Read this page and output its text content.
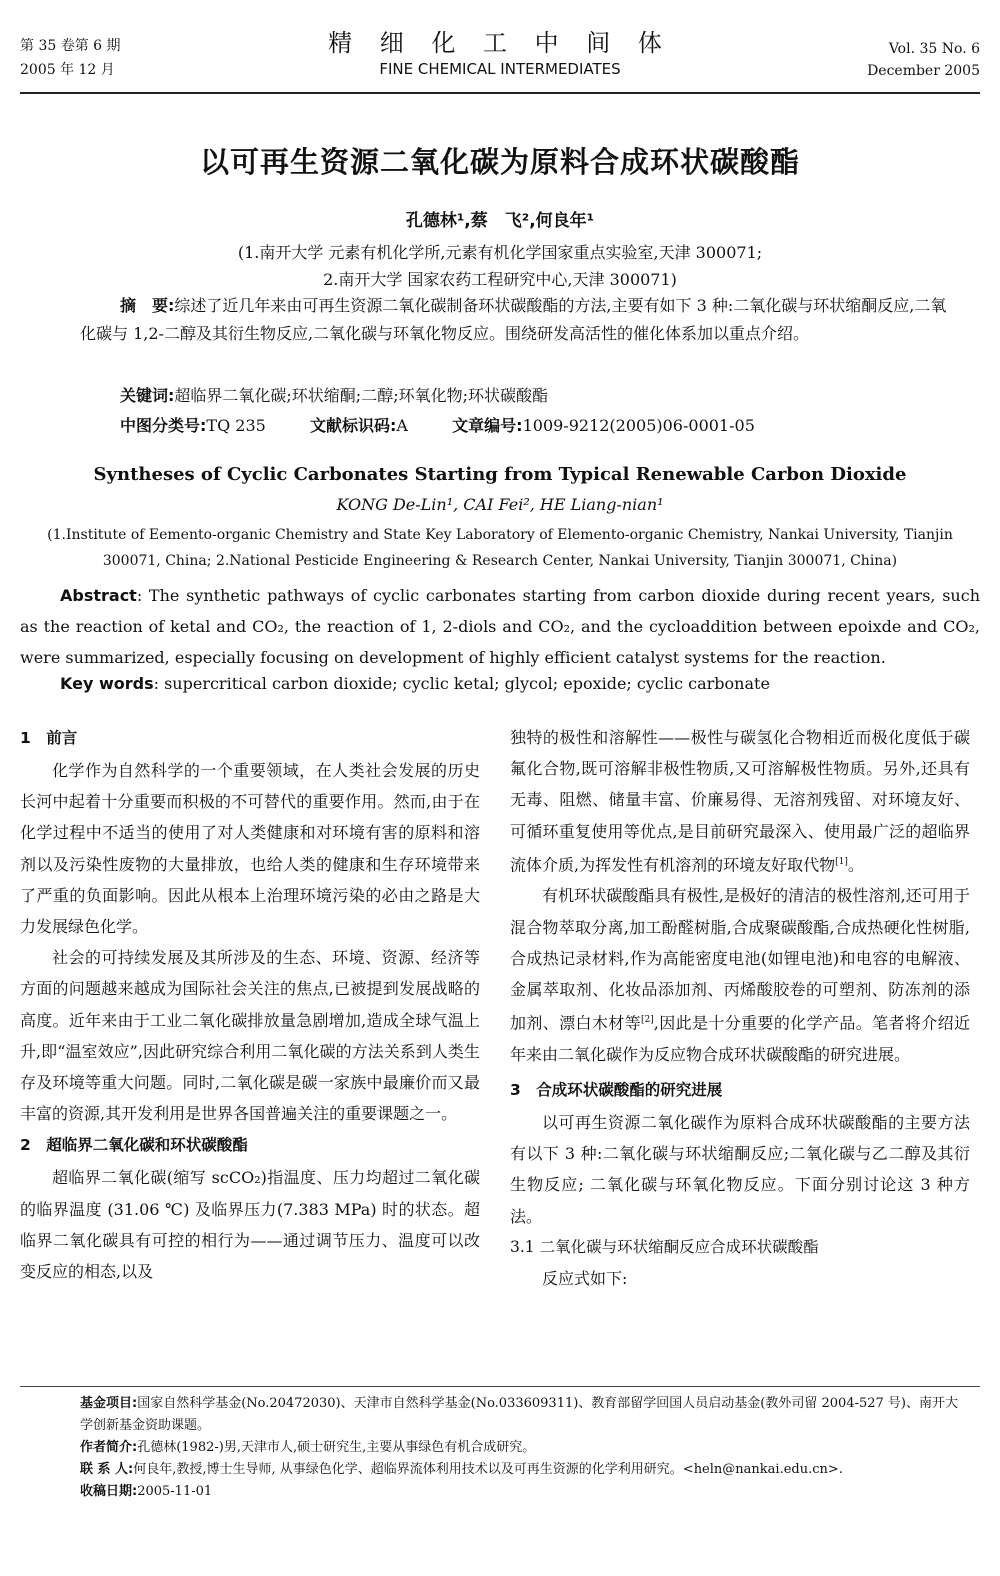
第 35 卷第 6 期
2005 年 12 月
精 细 化 工 中 间 体
FINE CHEMICAL INTERMEDIATES
Vol. 35 No. 6
December 2005
以可再生资源二氧化碳为原料合成环状碳酸酯
孔德林¹,蔡　飞²,何良年¹
(1.南开大学 元素有机化学所,元素有机化学国家重点实验室,天津 300071;
2.南开大学 国家农药工程研究中心,天津 300071)
摘　要:综述了近几年来由可再生资源二氧化碳制备环状碳酸酯的方法,主要有如下 3 种:二氧化碳与环状缩酮反应,二氧化碳与 1,2-二醇及其衍生物反应,二氧化碳与环氧化物反应。围绕研发高活性的催化体系加以重点介绍。
关键词:超临界二氧化碳;环状缩酮;二醇;环氧化物;环状碳酸酯
中图分类号:TQ 235	文献标识码:A	文章编号:1009-9212(2005)06-0001-05
Syntheses of Cyclic Carbonates Starting from Typical Renewable Carbon Dioxide
KONG De-Lin¹, CAI Fei², HE Liang-nian¹
(1.Institute of Eemento-organic Chemistry and State Key Laboratory of Elemento-organic Chemistry, Nankai University, Tianjin
300071, China; 2.National Pesticide Engineering & Research Center, Nankai University, Tianjin 300071, China)
Abstract: The synthetic pathways of cyclic carbonates starting from carbon dioxide during recent years, such as the reaction of ketal and CO₂, the reaction of 1, 2-diols and CO₂, and the cycloaddition between epoixde and CO₂, were summarized, especially focusing on development of highly efficient catalyst systems for the reaction.
Key words: supercritical carbon dioxide; cyclic ketal; glycol; epoxide; cyclic carbonate
1　前言

化学作为自然科学的一个重要领域，在人类社会发展的历史长河中起着十分重要而积极的不可替代的重要作用。然而,由于在化学过程中不适当的使用了对人类健康和对环境有害的原料和溶剂以及污染性废物的大量排放，也给人类的健康和生存环境带来了严重的负面影响。因此从根本上治理环境污染的必由之路是大力发展绿色化学。

社会的可持续发展及其所涉及的生态、环境、资源、经济等方面的问题越来越成为国际社会关注的焦点,已被提到发展战略的高度。近年来由于工业二氧化碳排放量急剧增加,造成全球气温上升,即“温室效应”,因此研究综合利用二氧化碳的方法关系到人类生存及环境等重大问题。同时,二氧化碳是碳一家族中最廉价而又最丰富的资源,其开发利用是世界各国普遍关注的重要课题之一。

2　超临界二氧化碳和环状碳酸酯

超临界二氧化碳(缩写 scCO₂)指温度、压力均超过二氧化碳的临界温度 (31.06 ℃) 及临界压力(7.383 MPa) 时的状态。超临界二氧化碳具有可控的相行为——通过调节压力、温度可以改变反应的相态,以及

独特的极性和溶解性——极性与碳氢化合物相近而极化度低于碳氟化合物,既可溶解非极性物质,又可溶解极性物质。另外,还具有无毒、阻燃、储量丰富、价廉易得、无溶剂残留、对环境友好、可循环重复使用等优点,是目前研究最深入、使用最广泛的超临界流体介质,为挥发性有机溶剂的环境友好取代物[1]。

有机环状碳酸酯具有极性,是极好的清洁的极性溶剂,还可用于混合物萃取分离,加工酚醛树脂,合成聚碳酸酯,合成热硬化性树脂,合成热记录材料,作为高能密度电池(如锂电池)和电容的电解液、金属萃取剂、化妆品添加剂、丙烯酸胶卷的可塑剂、防冻剂的添加剂、漂白木材等[2],因此是十分重要的化学产品。笔者将介绍近年来由二氧化碳作为反应物合成环状碳酸酯的研究进展。

3　合成环状碳酸酯的研究进展

以可再生资源二氧化碳作为原料合成环状碳酸酯的主要方法有以下 3 种:二氧化碳与环状缩酮反应;二氧化碳与乙二醇及其衍生物反应; 二氧化碳与环氧化物反应。下面分别讨论这 3 种方法。

3.1 二氧化碳与环状缩酮反应合成环状碳酸酯

反应式如下:

基金项目:国家自然科学基金(No.20472030)、天津市自然科学基金(No.033609311)、教育部留学回国人员启动基金(教外司留 2004-527 号)、南开大学创新基金资助课题。
作者简介:孔德林(1982-)男,天津市人,硕士研究生,主要从事绿色有机合成研究。
联 系 人:何良年,教授,博士生导师, 从事绿色化学、超临界流体利用技术以及可再生资源的化学利用研究。<heln@nankai.edu.cn>.
收稿日期:2005-11-01
